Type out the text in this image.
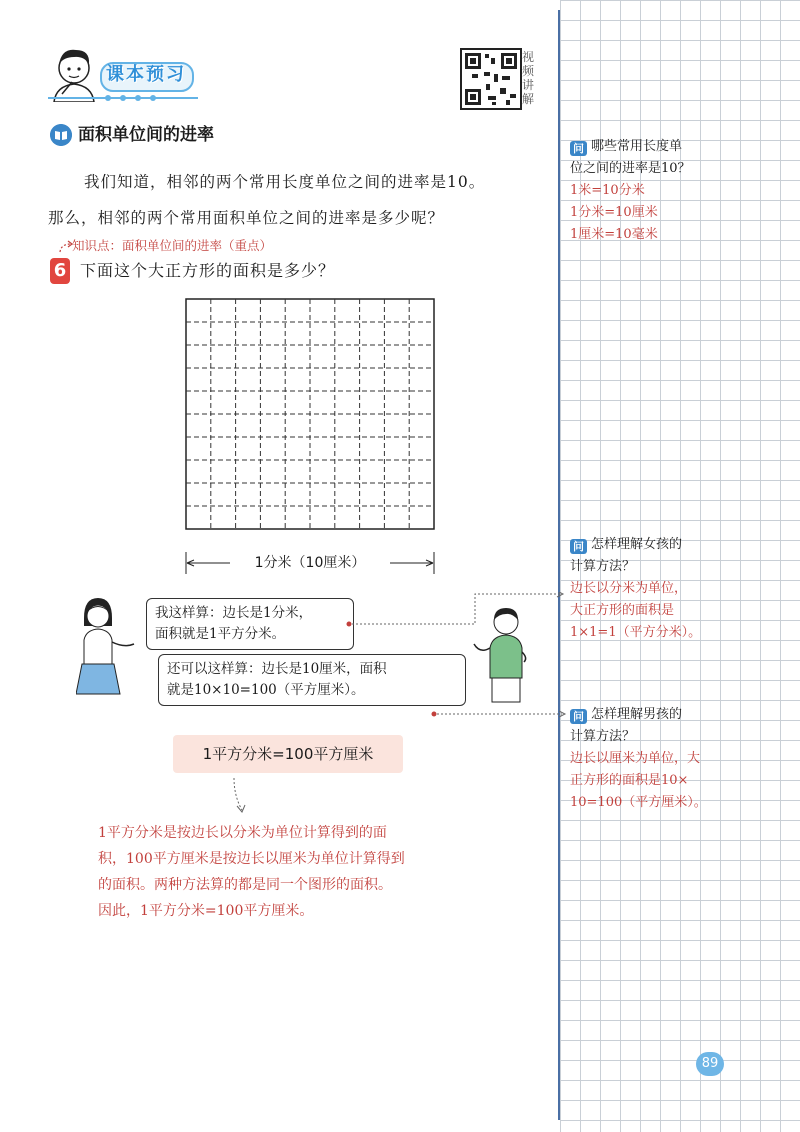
课本预习
视频讲解
面积单位间的进率
我们知道，相邻的两个常用长度单位之间的进率是10。
那么，相邻的两个常用面积单位之间的进率是多少呢？
知识点：面积单位间的进率（重点）
6 下面这个大正方形的面积是多少？
1分米（10厘米）
我这样算：边长是1分米，
面积就是1平方分米。
还可以这样算：边长是10厘米，面积
就是10×10=100（平方厘米）。
1平方分米=100平方厘米
1平方分米是按边长以分米为单位计算得到的面
积，100平方厘米是按边长以厘米为单位计算得到
的面积。两种方法算的都是同一个图形的面积。
因此，1平方分米=100平方厘米。
问 哪些常用长度单
位之间的进率是10？
1米=10分米
1分米=10厘米
1厘米=10毫米
问 怎样理解女孩的
计算方法？
边长以分米为单位，
大正方形的面积是
1×1=1（平方分米）。
问 怎样理解男孩的
计算方法？
边长以厘米为单位，大
正方形的面积是10×
10=100（平方厘米）。
89
